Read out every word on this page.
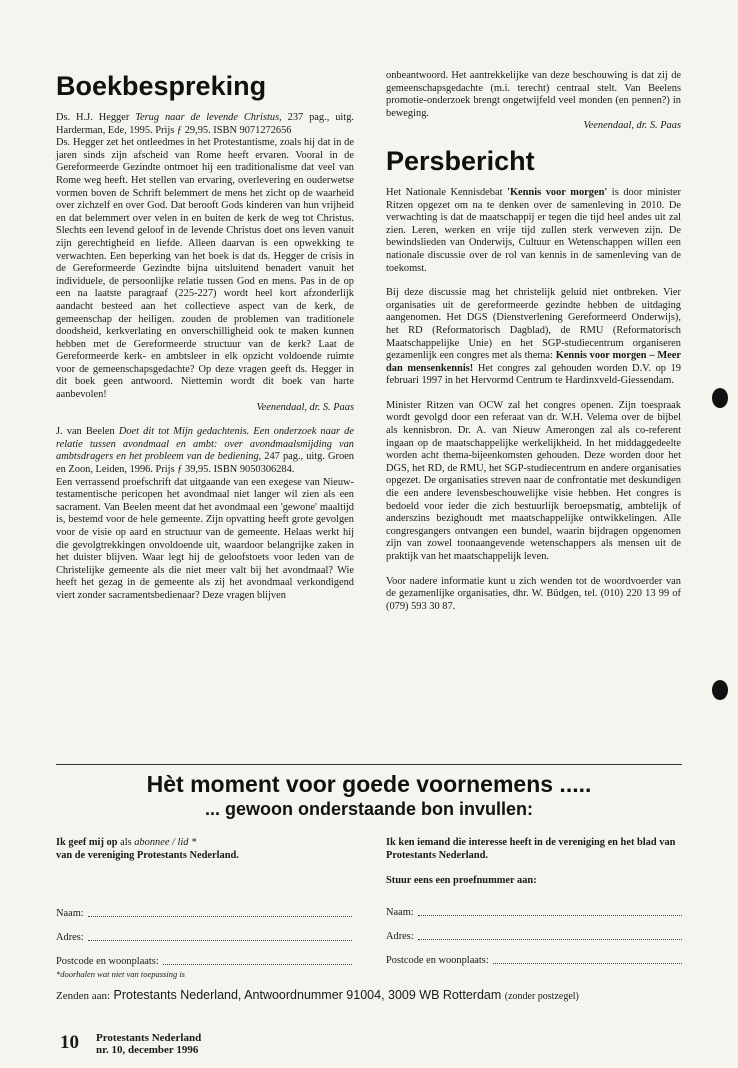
Boekbespreking

Ds. H.J. Hegger Terug naar de levende Christus, 237 pag., uitg. Harderman, Ede, 1995. Prijs ƒ 29,95. ISBN 9071272656

Ds. Hegger zet het ontleedmes in het Protestantisme, zoals hij dat in de jaren sinds zijn afscheid van Rome heeft ervaren. Vooral in de Gereformeerde Gezindte ontmoet hij een traditionalisme dat veel van Rome weg heeft. Het stellen van ervaring, overlevering en ouderwetse vormen boven de Schrift belemmert de mens het zicht op de waarheid over zichzelf en over God. Dat berooft Gods kinderen van hun vrijheid en dat belemmert over velen in en buiten de kerk de weg tot Christus. Slechts een levend geloof in de levende Christus doet ons leven vanuit zijn gerechtigheid en liefde. Alleen daarvan is een opwekking te verwachten. Een beperking van het boek is dat ds. Hegger de crisis in de Gereformeerde Gezindte bijna uitsluitend benadert vanuit het individuele, de persoonlijke relatie tussen God en mens. Pas in de op een na laatste paragraaf (225-227) wordt heel kort afzonderlijk aandacht besteed aan het collectieve aspect van de kerk, de gemeenschap der heiligen. zouden de problemen van traditionele doodsheid, kerkverlating en onverschilligheid ook te maken kunnen hebben met de Gereformeerde structuur van de kerk? Laat de Gereformeerde kerk- en ambtsleer in elk opzicht voldoende ruimte voor de gemeenschapsgedachte? Op deze vragen geeft ds. Hegger in dit boek geen antwoord. Niettemin wordt dit boek van harte aanbevolen!

Veenendaal, dr. S. Paas

J. van Beelen Doet dit tot Mijn gedachtenis. Een onderzoek naar de relatie tussen avondmaal en ambt: over avondmaalsmijding van ambtsdragers en het probleem van de bediening, 247 pag., uitg. Groen en Zoon, Leiden, 1996. Prijs ƒ 39,95. ISBN 9050306284.

Een verrassend proefschrift dat uitgaande van een exegese van Nieuw-testamentische pericopen het avondmaal niet langer wil zien als een sacrament. Van Beelen meent dat het avondmaal een 'gewone' maaltijd is, bestemd voor de hele gemeente. Zijn opvatting heeft grote gevolgen voor de visie op aard en structuur van de gemeente. Helaas werkt hij die gevolgtrekkingen onvoldoende uit, waardoor belangrijke zaken in het duister blijven. Waar legt hij de geloofstoets voor leden van de Christelijke gemeente als die niet meer valt bij het avondmaal? Wie heeft het gezag in de gemeente als zij het avondmaal verkondigend viert zonder sacramentsbedienaar? Deze vragen blijven

onbeantwoord. Het aantrekkelijke van deze beschouwing is dat zij de gemeenschapsgedachte (m.i. terecht) centraal stelt. Van Beelens promotie-onderzoek brengt ongetwijfeld veel monden (en pennen?) in beweging.

Veenendaal, dr. S. Paas

Persbericht

Het Nationale Kennisdebat 'Kennis voor morgen' is door minister Ritzen opgezet om na te denken over de samenleving in 2010. De verwachting is dat de maatschappij er tegen die tijd heel andes uit zal zien. Leren, werken en vrije tijd zullen sterk verweven zijn. De bewindslieden van Onderwijs, Cultuur en Wetenschappen willen een nationale discussie over de rol van kennis in de samenleving van de toekomst.

Bij deze discussie mag het christelijk geluid niet ontbreken. Vier organisaties uit de gereformeerde gezindte hebben de uitdaging aangenomen. Het DGS (Dienstverlening Gereformeerd Onderwijs), het RD (Reformatorisch Dagblad), de RMU (Reformatorisch Maatschappelijke Unie) en het SGP-studiecentrum organiseren gezamenlijk een congres met als thema: Kennis voor morgen – Meer dan mensenkennis! Het congres zal gehouden worden D.V. op 19 februari 1997 in het Hervormd Centrum te Hardinxveld-Giessendam.

Minister Ritzen van OCW zal het congres openen. Zijn toespraak wordt gevolgd door een referaat van dr. W.H. Velema over de bijbel als kennisbron. Dr. A. van Nieuw Amerongen zal als co-referent ingaan op de maatschappelijke werkelijkheid. In het middaggedeelte worden acht thema-bijeenkomsten gehouden. Deze worden door het DGS, het RD, de RMU, het SGP-studiecentrum en andere organisaties opgezet. De organisaties streven naar de confrontatie met deskundigen die een andere levensbeschouwelijke visie hebben. Het congres is bedoeld voor ieder die zich bestuurlijk beroepsmatig, ambtelijk of anderszins bezighoudt met maatschappelijke ontwikkelingen. Alle congresgangers ontvangen een bundel, waarin bijdragen opgenomen zijn van zowel toonaangevende wetenschappers als mensen uit de praktijk van het maatschappelijk leven.

Voor nadere informatie kunt u zich wenden tot de woordvoerder van de gezamenlijke organisaties, dhr. W. Büdgen, tel. (010) 220 13 99 of (079) 593 30 87.

Hèt moment voor goede voornemens .....
... gewoon onderstaande bon invullen:

Ik geef mij op als abonnee / lid *

van de vereniging Protestants Nederland.

Naam:
Adres:
Postcode en woonplaats:

*doorhalen wat niet van toepassing is

Ik ken iemand die interesse heeft in de vereniging en het blad van Protestants Nederland.

Stuur eens een proefnummer aan:

Naam:
Adres:
Postcode en woonplaats:
Zenden aan: Protestants Nederland, Antwoordnummer 91004, 3009 WB Rotterdam (zonder postzegel)
10 Protestants Nederland
nr. 10, december 1996
